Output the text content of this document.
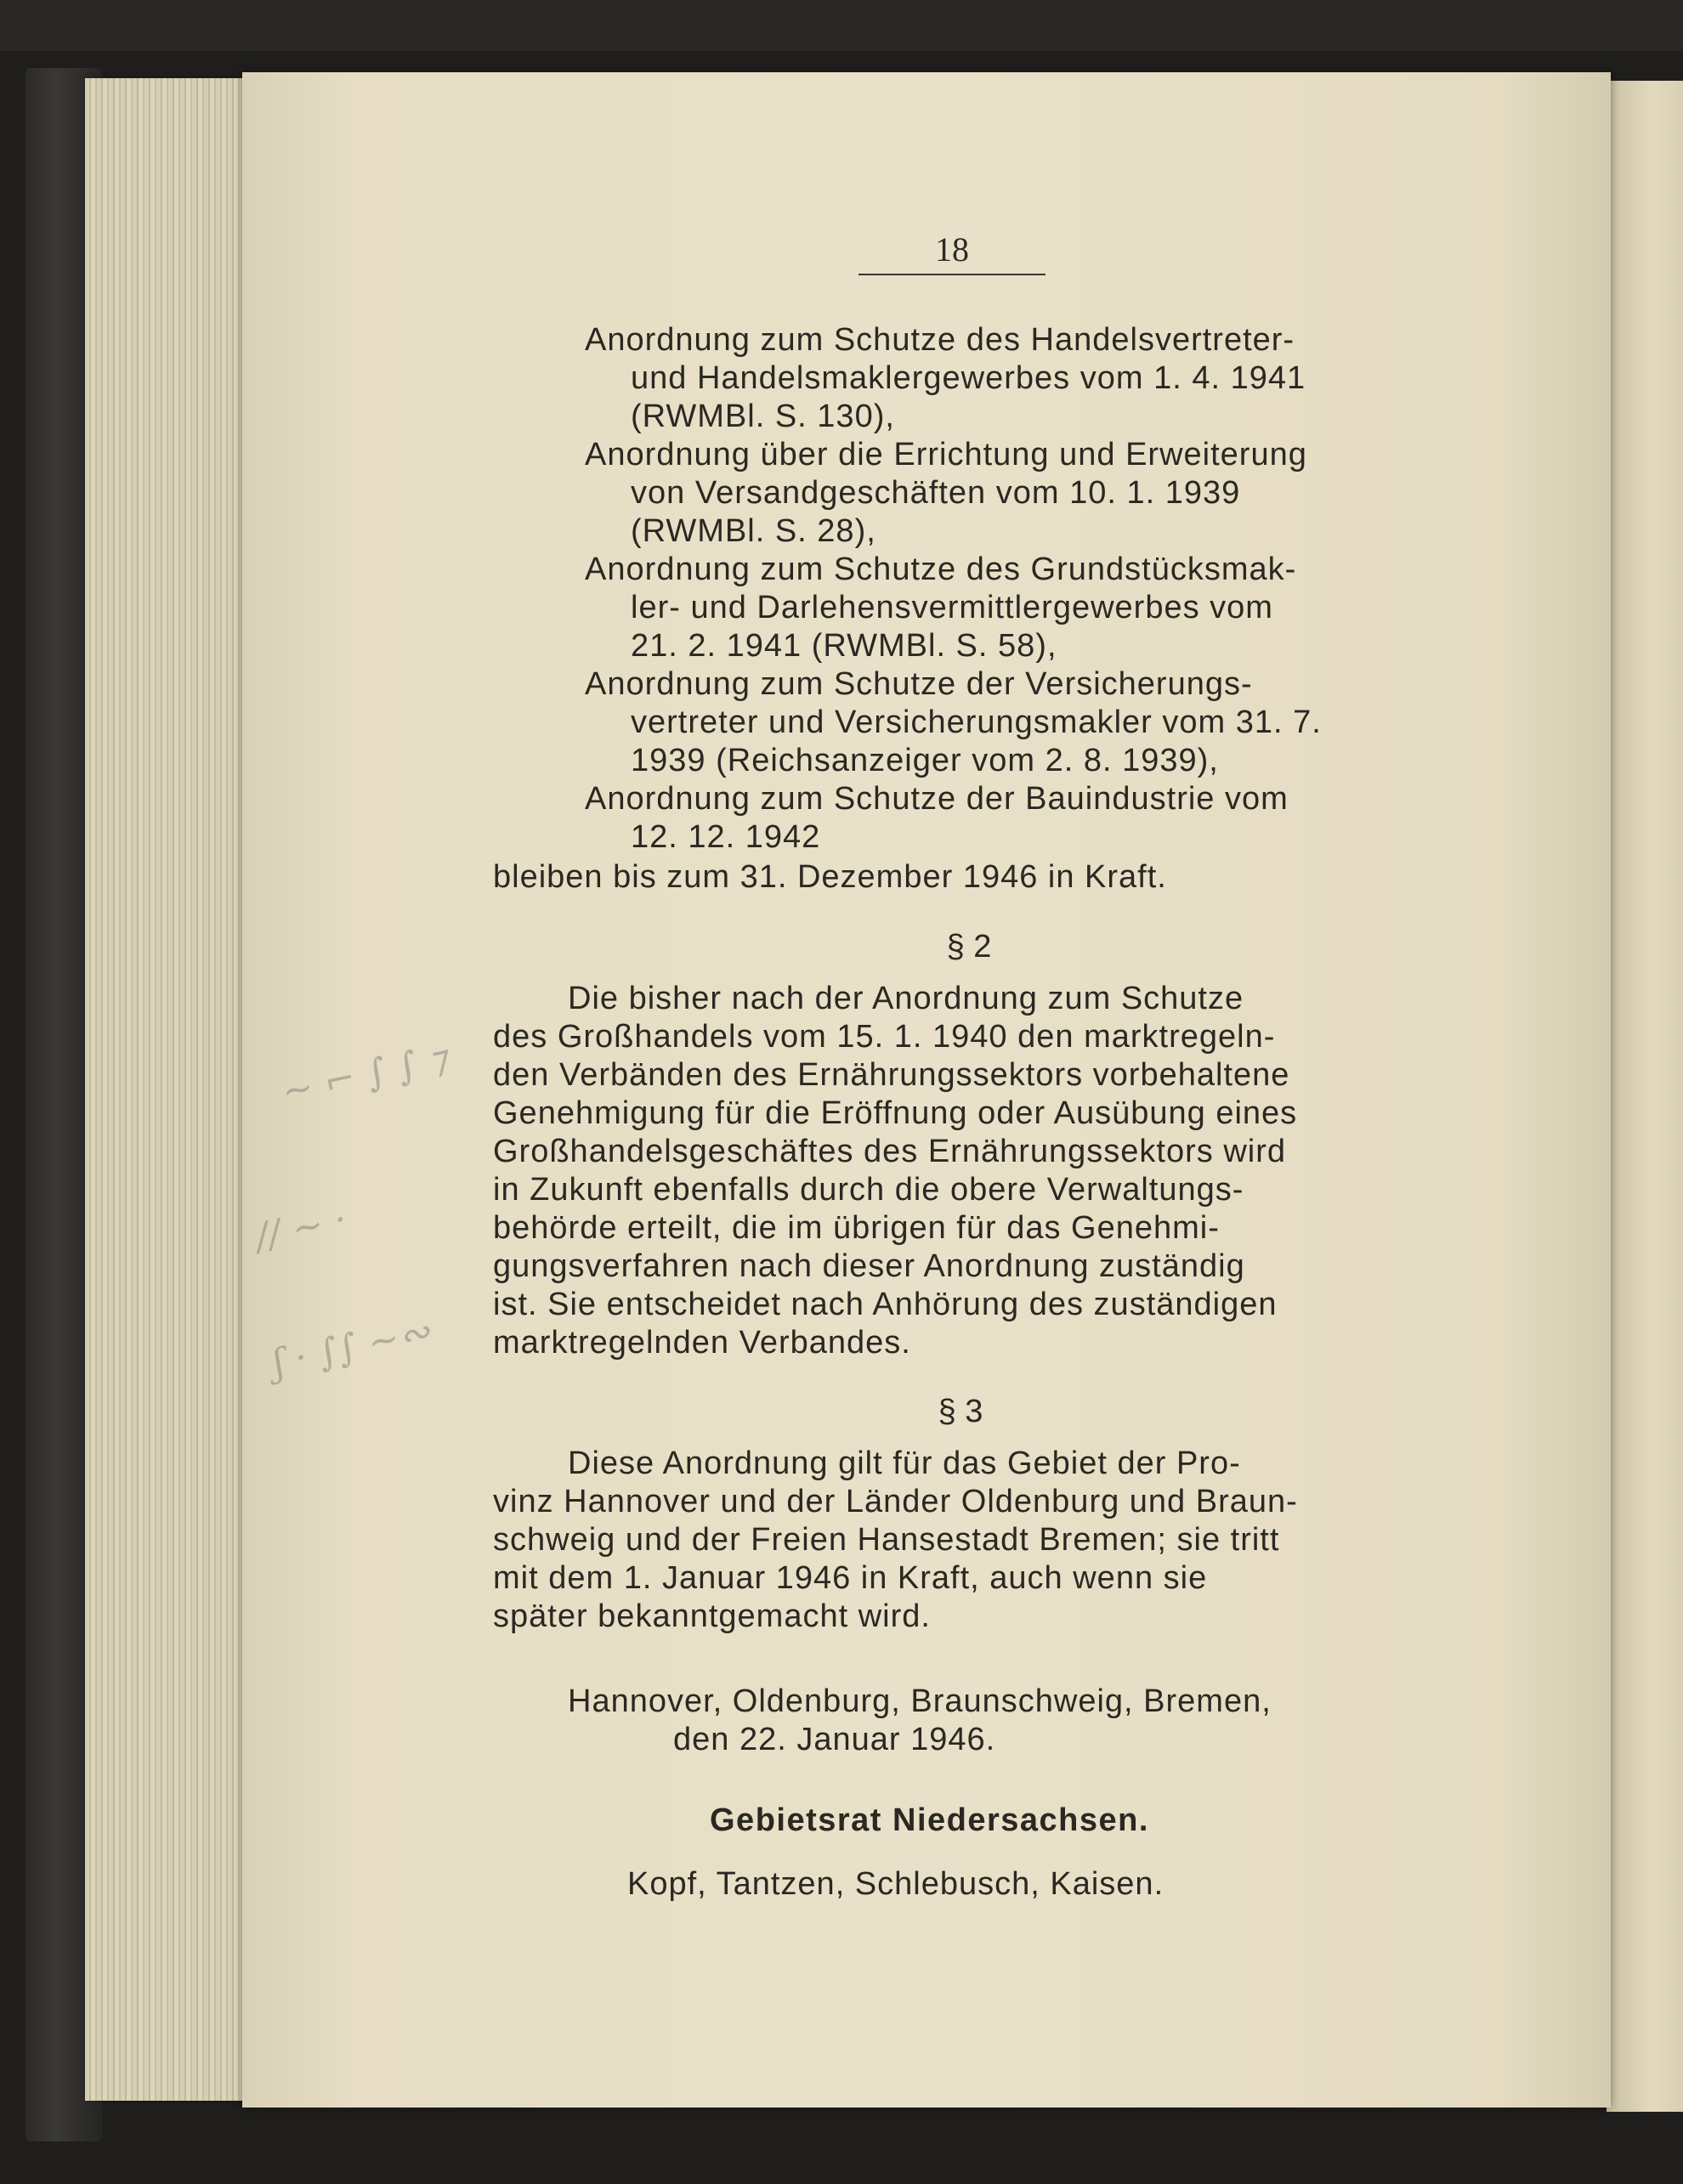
~ ⌐ ∫ ∫ ⁊
∕∕ ∼ ·
ʃ · ∫∫ ∼∾
18
Anordnung zum Schutze des Handelsvertreter-
und Handelsmaklergewerbes vom 1. 4. 1941
(RWMBl. S. 130),
Anordnung über die Errichtung und Erweiterung
von Versandgeschäften vom 10. 1. 1939
(RWMBl. S. 28),
Anordnung zum Schutze des Grundstücksmak-
ler- und Darlehensvermittlergewerbes vom
21. 2. 1941 (RWMBl. S. 58),
Anordnung zum Schutze der Versicherungs-
vertreter und Versicherungsmakler vom 31. 7.
1939 (Reichsanzeiger vom 2. 8. 1939),
Anordnung zum Schutze der Bauindustrie vom
12. 12. 1942
bleiben bis zum 31. Dezember 1946 in Kraft.
§ 2
Die bisher nach der Anordnung zum Schutze
des Großhandels vom 15. 1. 1940 den marktregeln-
den Verbänden des Ernährungssektors vorbehaltene
Genehmigung für die Eröffnung oder Ausübung eines
Großhandelsgeschäftes des Ernährungssektors wird
in Zukunft ebenfalls durch die obere Verwaltungs-
behörde erteilt, die im übrigen für das Genehmi-
gungsverfahren nach dieser Anordnung zuständig
ist. Sie entscheidet nach Anhörung des zuständigen
marktregelnden Verbandes.
§ 3
Diese Anordnung gilt für das Gebiet der Pro-
vinz Hannover und der Länder Oldenburg und Braun-
schweig und der Freien Hansestadt Bremen; sie tritt
mit dem 1. Januar 1946 in Kraft, auch wenn sie
später bekanntgemacht wird.
Hannover, Oldenburg, Braunschweig, Bremen,
den 22. Januar 1946.
Gebietsrat Niedersachsen.
Kopf, Tantzen, Schlebusch, Kaisen.
